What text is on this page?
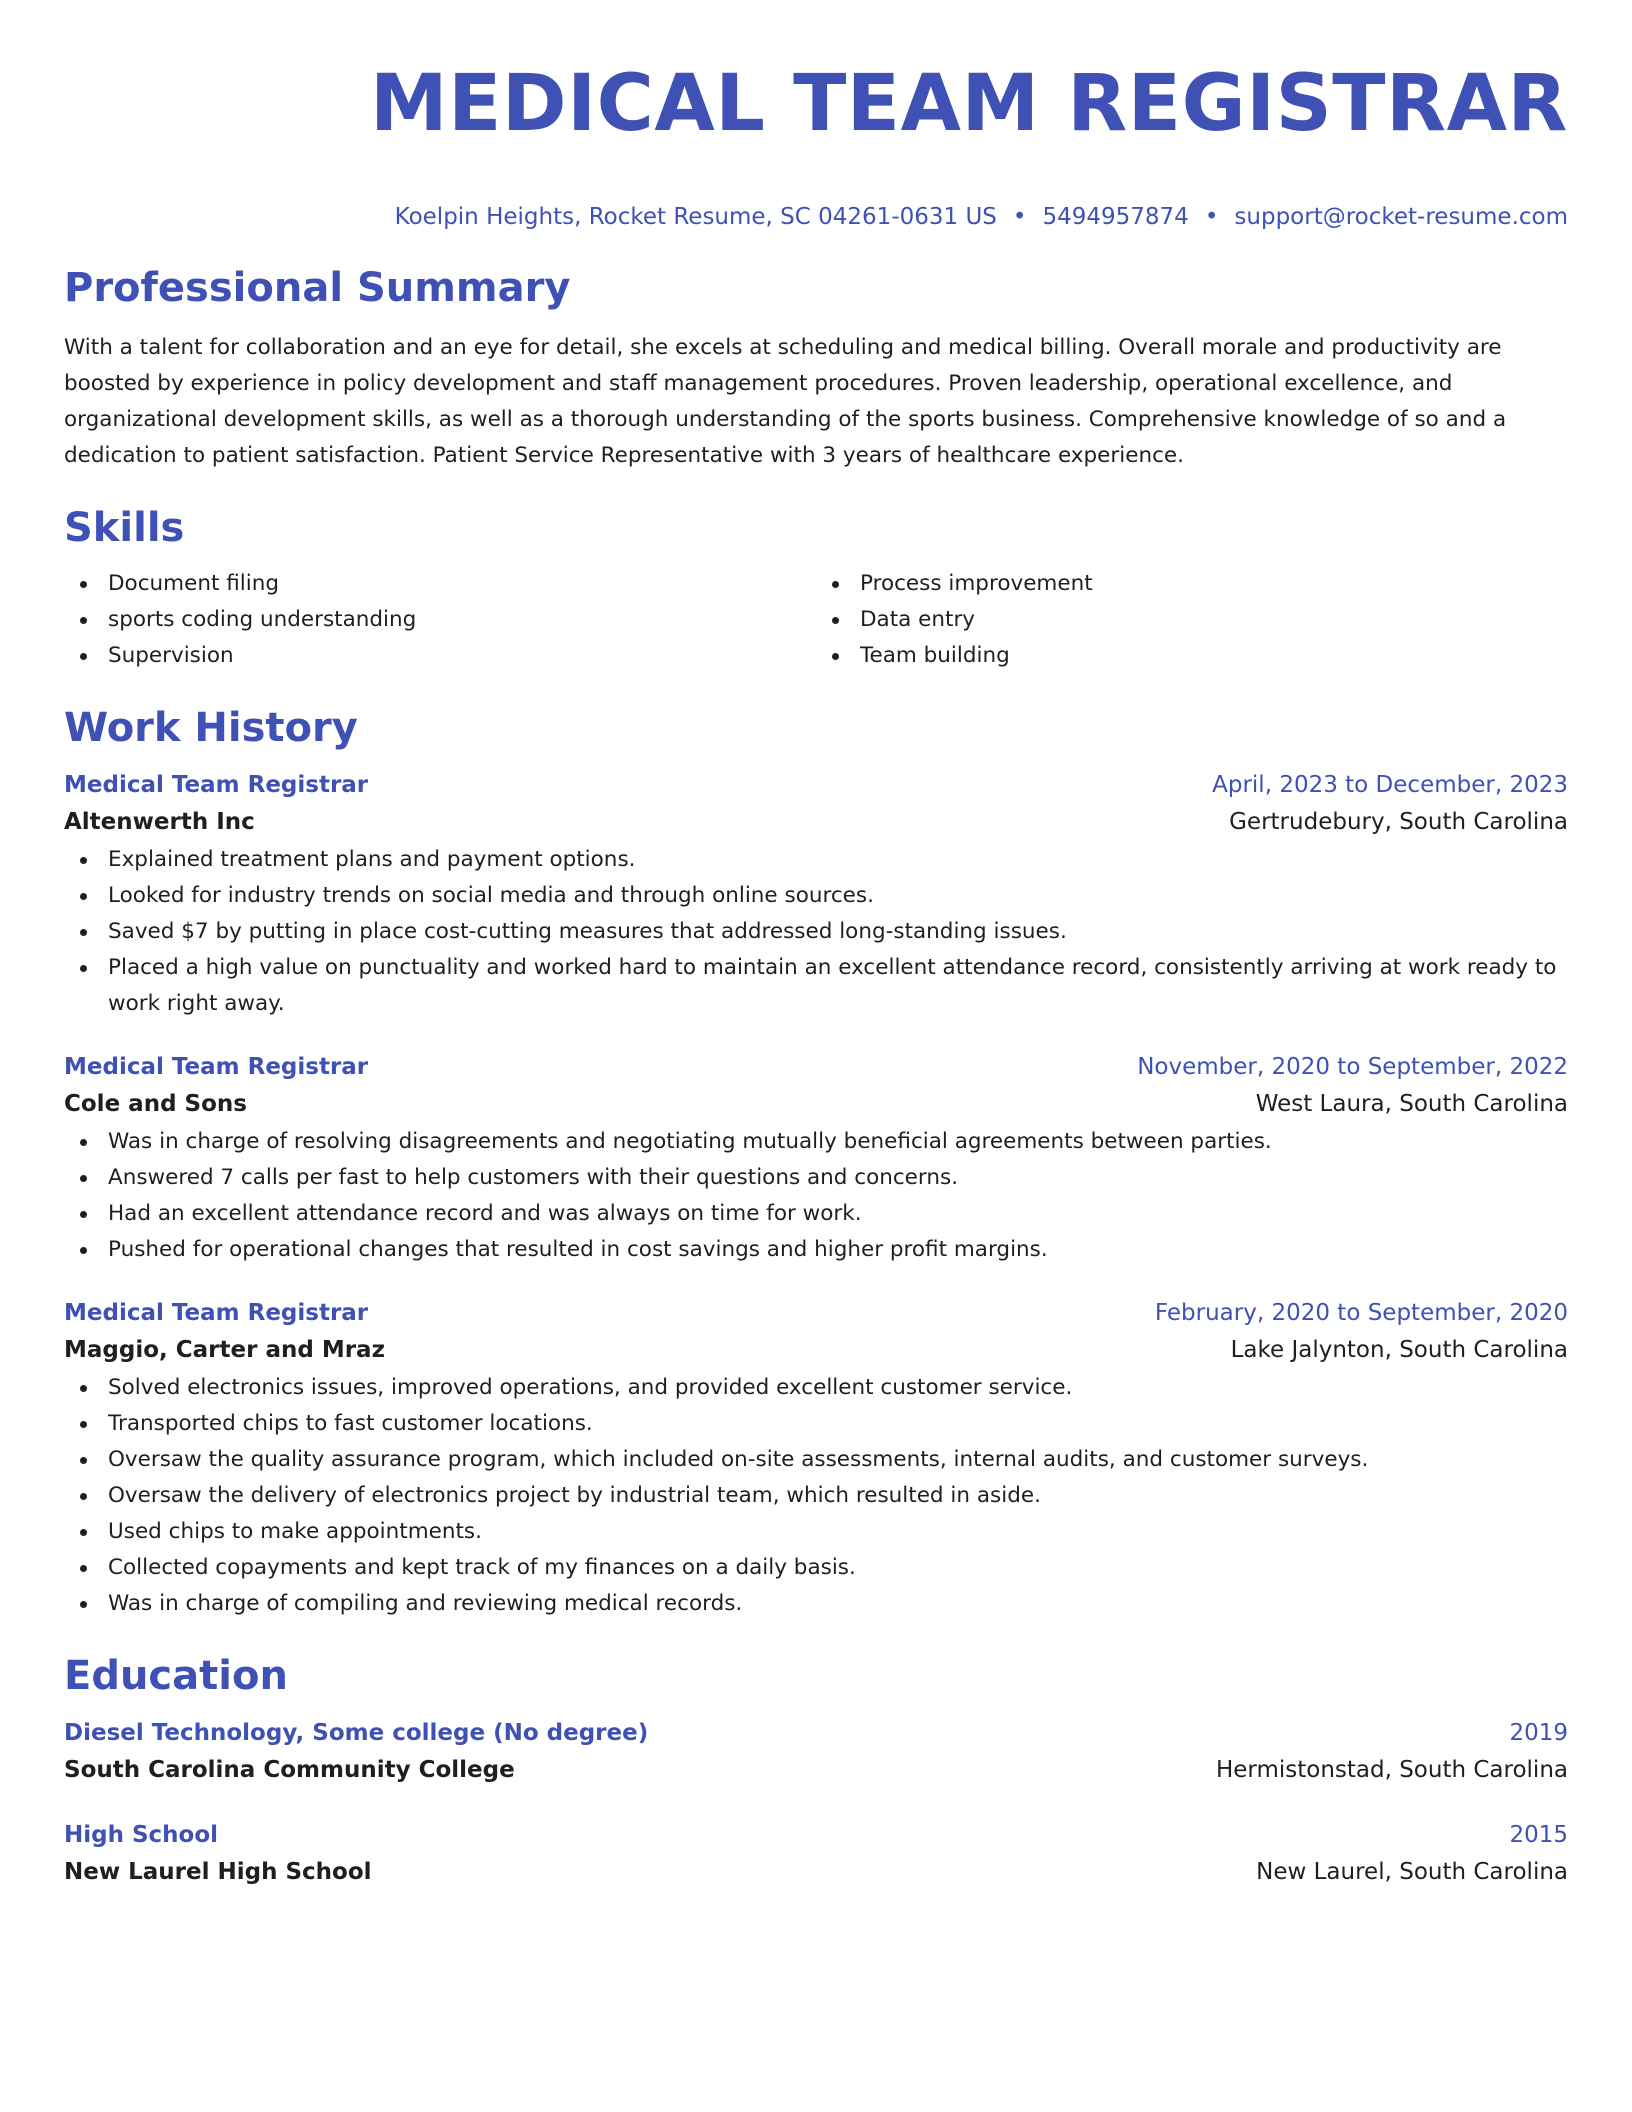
MEDICAL TEAM REGISTRAR
Koelpin Heights, Rocket Resume, SC 04261-0631 US • 5494957874 • support@rocket-resume.com
Professional Summary

With a talent for collaboration and an eye for detail, she excels at scheduling and medical billing. Overall morale and productivity are boosted by experience in policy development and staff management procedures. Proven leadership, operational excellence, and organizational development skills, as well as a thorough understanding of the sports business. Comprehensive knowledge of so and a dedication to patient satisfaction. Patient Service Representative with 3 years of healthcare experience.

Skills
Document filing
sports coding understanding
Supervision
Process improvement
Data entry
Team building
Work History
Medical Team Registrar	April, 2023 to December, 2023
Altenwerth Inc	Gertrudebury, South Carolina
Explained treatment plans and payment options.
Looked for industry trends on social media and through online sources.
Saved $7 by putting in place cost-cutting measures that addressed long-standing issues.
Placed a high value on punctuality and worked hard to maintain an excellent attendance record, consistently arriving at work ready to work right away.
Medical Team Registrar	November, 2020 to September, 2022
Cole and Sons	West Laura, South Carolina
Was in charge of resolving disagreements and negotiating mutually beneficial agreements between parties.
Answered 7 calls per fast to help customers with their questions and concerns.
Had an excellent attendance record and was always on time for work.
Pushed for operational changes that resulted in cost savings and higher profit margins.
Medical Team Registrar	February, 2020 to September, 2020
Maggio, Carter and Mraz	Lake Jalynton, South Carolina
Solved electronics issues, improved operations, and provided excellent customer service.
Transported chips to fast customer locations.
Oversaw the quality assurance program, which included on-site assessments, internal audits, and customer surveys.
Oversaw the delivery of electronics project by industrial team, which resulted in aside.
Used chips to make appointments.
Collected copayments and kept track of my finances on a daily basis.
Was in charge of compiling and reviewing medical records.
Education
Diesel Technology, Some college (No degree)	2019
South Carolina Community College	Hermistonstad, South Carolina
High School	2015
New Laurel High School	New Laurel, South Carolina
